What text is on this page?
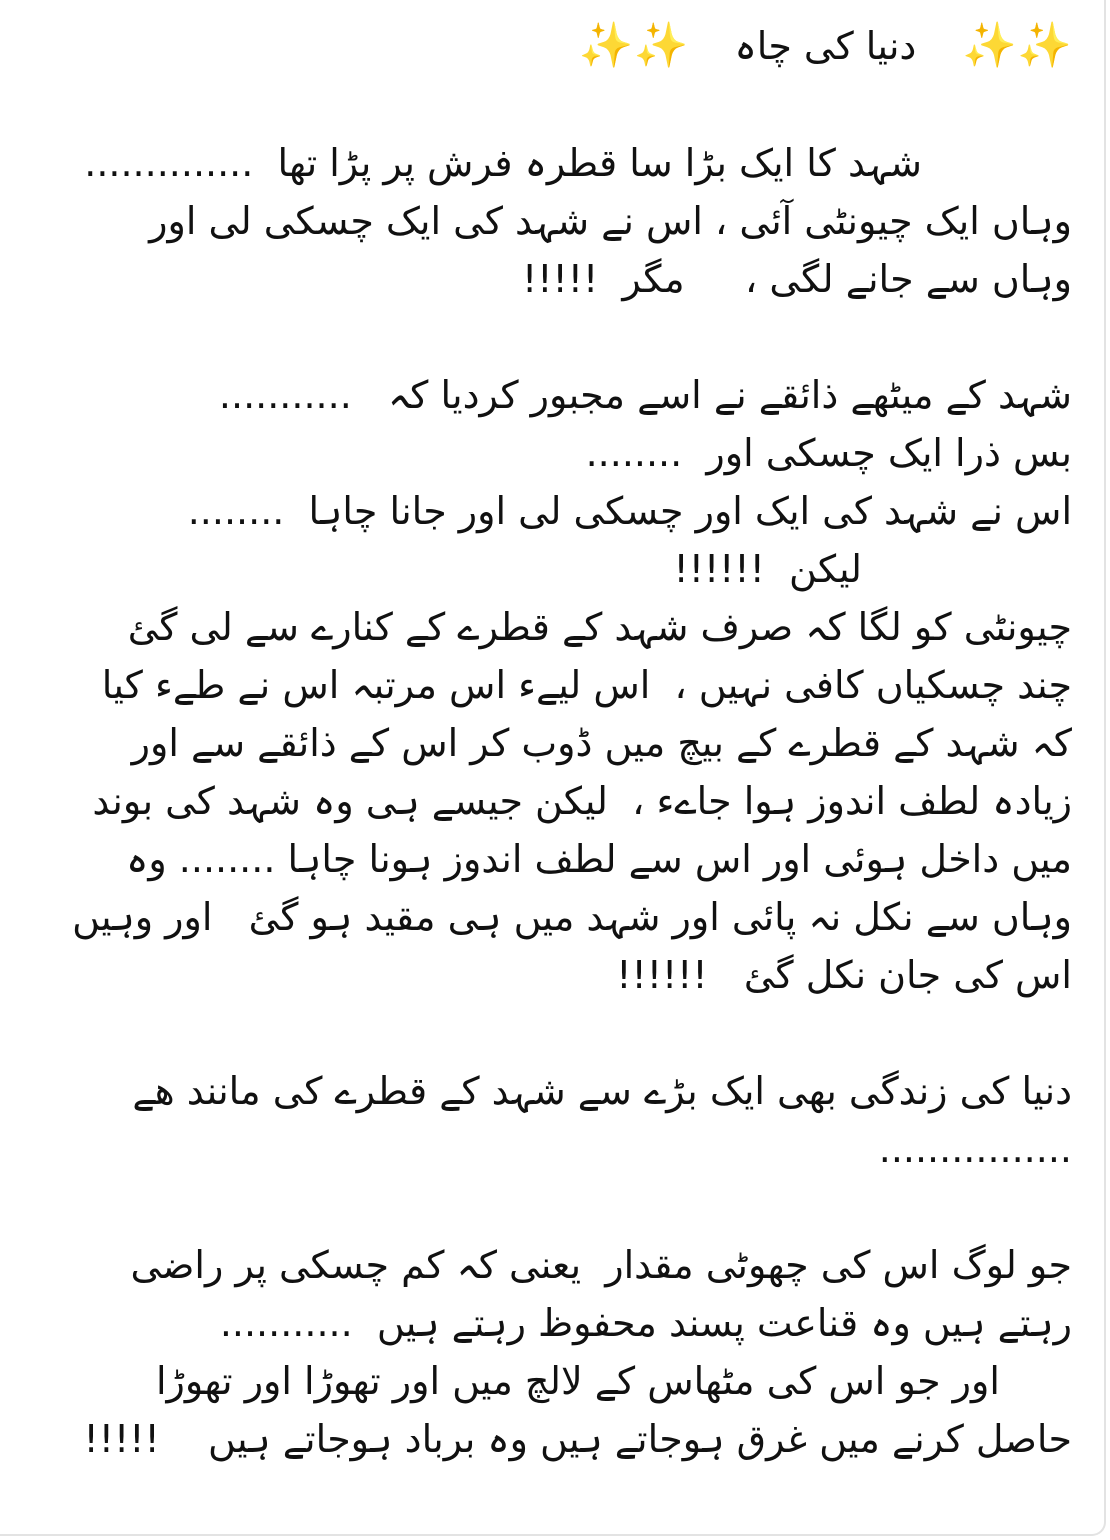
✨✨ دنیا کی چاہ ✨✨
شہد کا ایک بڑا سا قطرہ فرش پر پڑا تھا  ..............
وہاں ایک چیونٹی آئی ، اس نے شہد کی ایک چسکی لی اور
وہاں سے جانے لگی ،     مگر  !!!!!
شہد کے میٹھے ذائقے نے اسے مجبور کردیا کہ   ...........
بس ذرا ایک چسکی اور  ........
اس نے شہد کی ایک اور چسکی لی اور جانا چاہا  ........
لیکن  !!!!!!
چیونٹی کو لگا کہ صرف شہد کے قطرے کے کنارے سے لی گئ
چند چسکیاں کافی نہیں ،  اس لیےء اس مرتبہ اس نے طےء کیا
کہ شہد کے قطرے کے بیچ میں ڈوب کر اس کے ذائقے سے اور
زیادہ لطف اندوز ہوا جاےء ،  لیکن جیسے ہی وہ شہد کی بوند
میں داخل ہوئی اور اس سے لطف اندوز ہونا چاہا ........ وہ
وہاں سے نکل نہ پائی اور شہد میں ہی مقید ہو گئ   اور وہیں
اس کی جان نکل گئ   !!!!!!
دنیا کی زندگی بھی ایک بڑے سے شہد کے قطرے کی مانند ھے
................
جو لوگ اس کی چھوٹی مقدار  یعنی کہ کم چسکی پر راضی
رہتے ہیں وہ قناعت پسند محفوظ رہتے ہیں  ...........
اور جو اس کی مٹھاس کے لالچ میں اور تھوڑا اور تھوڑا
حاصل کرنے میں غرق ہوجاتے ہیں وہ برباد ہوجاتے ہیں    !!!!!
